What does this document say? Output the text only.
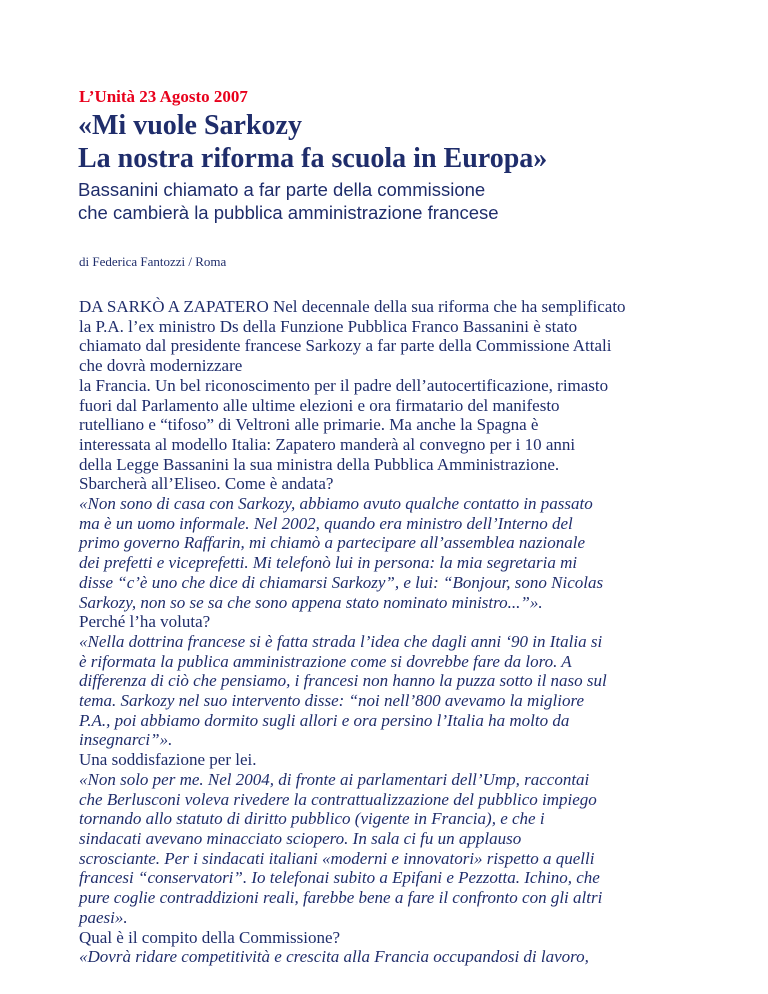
L’Unità 23 Agosto 2007
«Mi vuole Sarkozy
La nostra riforma fa scuola in Europa»
Bassanini chiamato a far parte della commissione
che cambierà la pubblica amministrazione francese
di Federica Fantozzi / Roma
DA SARKÒ A ZAPATERO Nel decennale della sua riforma che ha semplificato
la P.A. l’ex ministro Ds della Funzione Pubblica Franco Bassanini è stato
chiamato dal presidente francese Sarkozy a far parte della Commissione Attali
che dovrà modernizzare
la Francia. Un bel riconoscimento per il padre dell’autocertificazione, rimasto
fuori dal Parlamento alle ultime elezioni e ora firmatario del manifesto
rutelliano e “tifoso” di Veltroni alle primarie. Ma anche la Spagna è
interessata al modello Italia: Zapatero manderà al convegno per i 10 anni
della Legge Bassanini la sua ministra della Pubblica Amministrazione.
Sbarcherà all’Eliseo. Come è andata?
«Non sono di casa con Sarkozy, abbiamo avuto qualche contatto in passato
ma è un uomo informale. Nel 2002, quando era ministro dell’Interno del
primo governo Raffarin, mi chiamò a partecipare all’assemblea nazionale
dei prefetti e viceprefetti. Mi telefonò lui in persona: la mia segretaria mi
disse “c’è uno che dice di chiamarsi Sarkozy”, e lui: “Bonjour, sono Nicolas
Sarkozy, non so se sa che sono appena stato nominato ministro...”».
Perché l’ha voluta?
«Nella dottrina francese si è fatta strada l’idea che dagli anni ‘90 in Italia si
è riformata la publica amministrazione come si dovrebbe fare da loro. A
differenza di ciò che pensiamo, i francesi non hanno la puzza sotto il naso sul
tema. Sarkozy nel suo intervento disse: “noi nell’800 avevamo la migliore
P.A., poi abbiamo dormito sugli allori e ora persino l’Italia ha molto da
insegnarci”».
Una soddisfazione per lei.
«Non solo per me. Nel 2004, di fronte ai parlamentari dell’Ump, raccontai
che Berlusconi voleva rivedere la contrattualizzazione del pubblico impiego
tornando allo statuto di diritto pubblico (vigente in Francia), e che i
sindacati avevano minacciato sciopero. In sala ci fu un applauso
scrosciante. Per i sindacati italiani «moderni e innovatori» rispetto a quelli
francesi “conservatori”. Io telefonai subito a Epifani e Pezzotta. Ichino, che
pure coglie contraddizioni reali, farebbe bene a fare il confronto con gli altri
paesi».
Qual è il compito della Commissione?
«Dovrà ridare competitività e crescita alla Francia occupandosi di lavoro,
